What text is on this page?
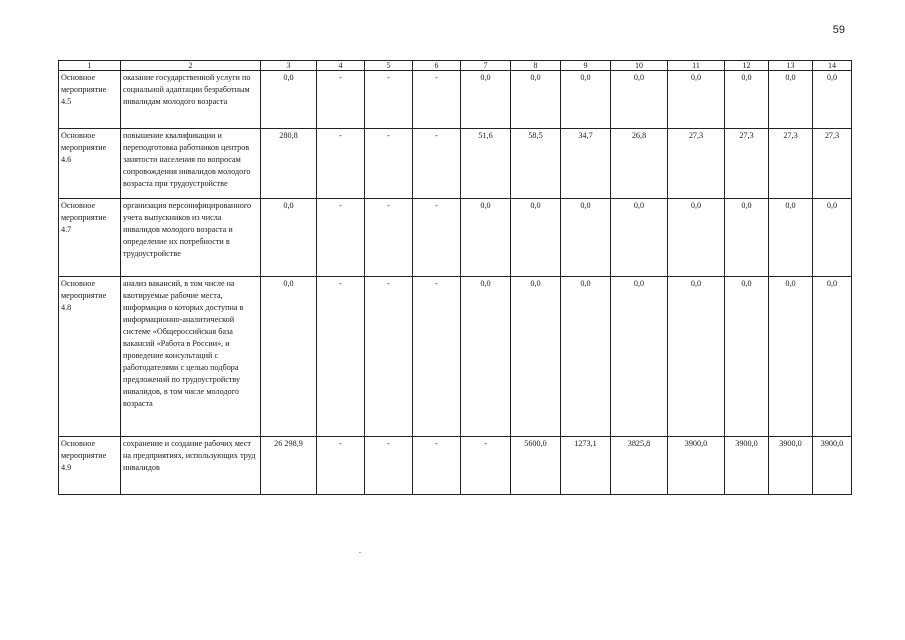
59
1	2	3	4	5	6	7	8	9	10	11	12	13	14
Основное мероприятие 4.5	оказание государственной услуги по социальной адаптации безработным инвалидам молодого возраста	0,0	-	-	-	0,0	0,0	0,0	0,0	0,0	0,0	0,0	0,0
Основное мероприятие 4.6	повышение квалификации и переподготовка работников центров занятости населения по вопросам сопровождения инвалидов молодого возраста при трудоустройстве	280,8	-	-	-	51,6	58,5	34,7	26,8	27,3	27,3	27,3	27,3
Основное мероприятие 4.7	организация персонифицированного учета выпускников из числа инвалидов молодого возраста и определение их потребности в трудоустройстве	0,0	-	-	-	0,0	0,0	0,0	0,0	0,0	0,0	0,0	0,0
Основное мероприятие 4.8	анализ вакансий, в том числе на квотируемые рабочие места, информация о которых доступна в информационно-аналитической системе «Общероссийская база вакансий «Работа в России», и проведение консультаций с работодателями с целью подбора предложений по трудоустройству инвалидов, в том числе молодого возраста	0,0	-	-	-	0,0	0,0	0,0	0,0	0,0	0,0	0,0	0,0
Основное мероприятие 4.9	сохранение и создание рабочих мест на предприятиях, использующих труд инвалидов	26 298,9	-	-	-	-	5600,0	1273,1	3825,8	3900,0	3900,0	3900,0	3900,0
.
